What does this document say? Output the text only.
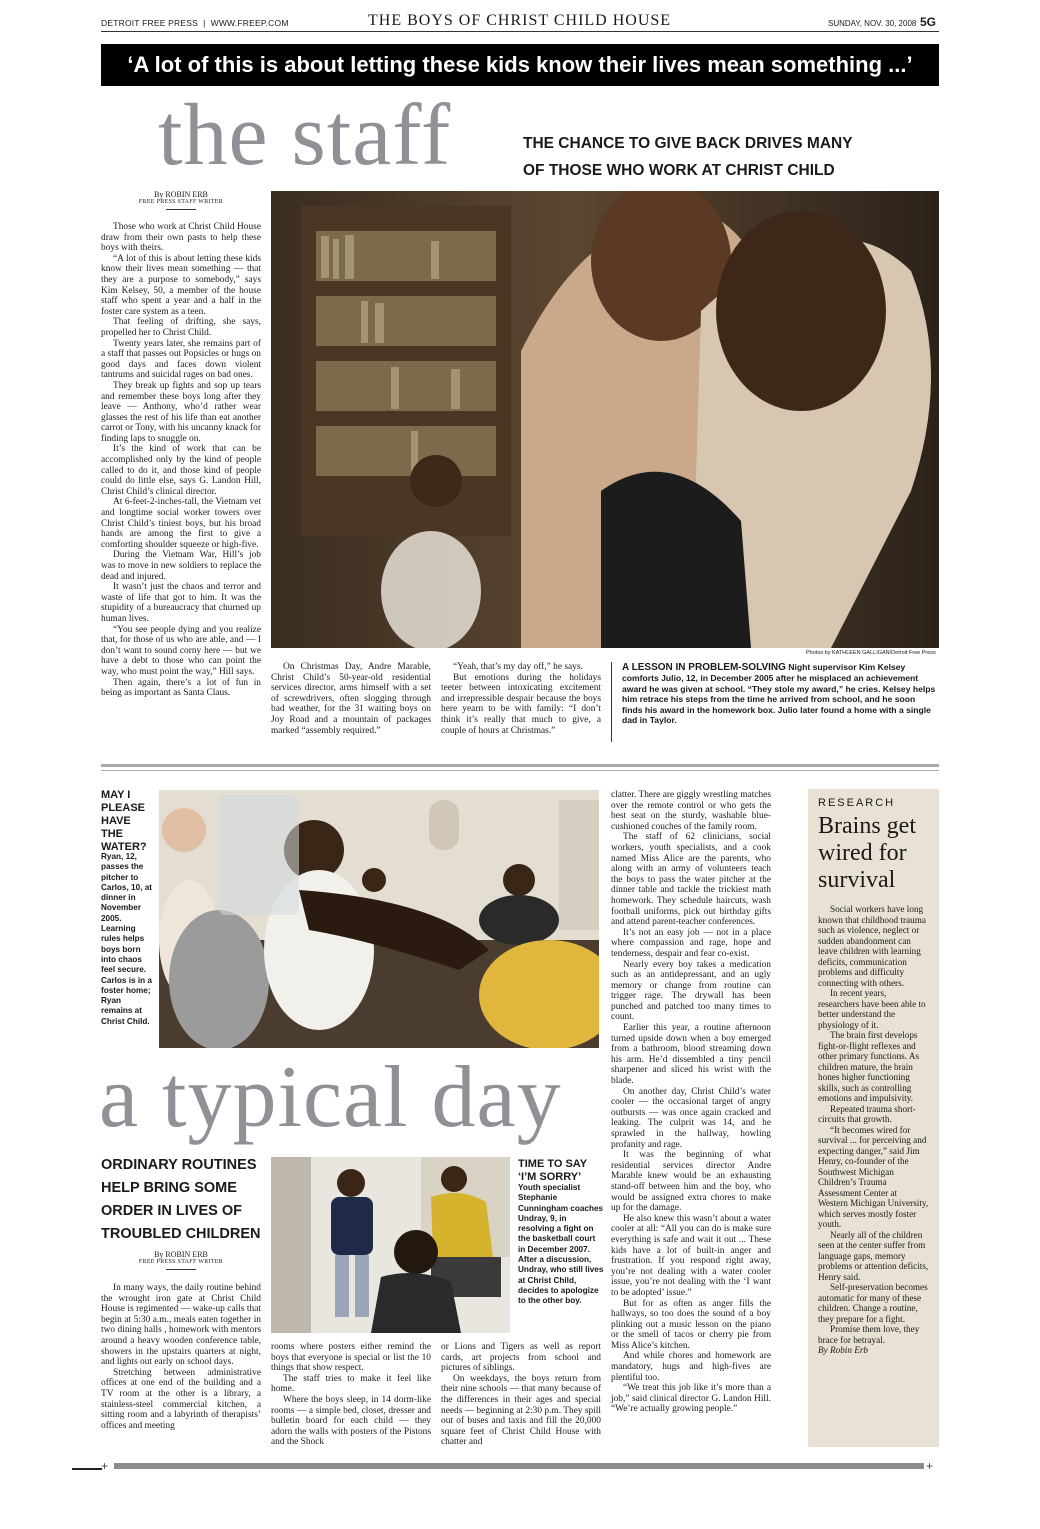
DETROIT FREE PRESS  |  WWW.FREEP.COM	THE BOYS OF CHRIST CHILD HOUSE	SUNDAY, NOV. 30, 2008 5G
‘A lot of this is about letting these kids know their lives mean something ...’
the staff	THE CHANCE TO GIVE BACK DRIVES MANY
OF THOSE WHO WORK AT CHRIST CHILD
By ROBIN ERB
FREE PRESS STAFF WRITER

Those who work at Christ Child House draw from their own pasts to help these boys with theirs.

“A lot of this is about letting these kids know their lives mean something — that they are a purpose to somebody,” says Kim Kelsey, 50, a member of the house staff who spent a year and a half in the foster care system as a teen.

That feeling of drifting, she says, propelled her to Christ Child.

Twenty years later, she remains part of a staff that passes out Popsicles or hugs on good days and faces down violent tantrums and suicidal rages on bad ones.

They break up fights and sop up tears and remember these boys long after they leave — Anthony, who’d rather wear glasses the rest of his life than eat another carrot or Tony, with his uncanny knack for finding laps to snuggle on.

It’s the kind of work that can be accomplished only by the kind of people called to do it, and those kind of people could do little else, says G. Landon Hill, Christ Child’s clinical director.

At 6-feet-2-inches-tall, the Vietnam vet and longtime social worker towers over Christ Child’s tiniest boys, but his broad hands are among the first to give a comforting shoulder squeeze or high-five.

During the Vietnam War, Hill’s job was to move in new soldiers to replace the dead and injured.

It wasn’t just the chaos and terror and waste of life that got to him. It was the stupidity of a bureaucracy that churned up human lives.

“You see people dying and you realize that, for those of us who are able, and — I don’t want to sound corny here — but we have a debt to those who can point the way, who must point the way,” Hill says.

Then again, there’s a lot of fun in being as important as Santa Claus.

Photos by KATHLEEN GALLIGAN/Detroit Free Press

On Christmas Day, Andre Marable, Christ Child’s 50-year-old residential services director, arms himself with a set of screwdrivers, often slogging through bad weather, for the 31 waiting boys on Joy Road and a mountain of packages marked “assembly required.”

“Yeah, that’s my day off,” he says.

But emotions during the holidays teeter between intoxicating excitement and irrepressible despair because the boys here yearn to be with family: “I don’t think it’s really that much to give, a couple of hours at Christmas.”

A LESSON IN PROBLEM-SOLVING Night supervisor Kim Kelsey comforts Julio, 12, in December 2005 after he misplaced an achievement award he was given at school. “They stole my award,” he cries. Kelsey helps him retrace his steps from the time he arrived from school, and he soon finds his award in the homework box. Julio later found a home with a single dad in Taylor.
MAY I PLEASE HAVE THE WATER?
Ryan, 12, passes the pitcher to Carlos, 10, at dinner in November 2005. Learning rules helps boys born into chaos feel secure. Carlos is in a foster home; Ryan remains at Christ Child.
a typical day
ORDINARY ROUTINES HELP BRING SOME ORDER IN LIVES OF TROUBLED CHILDREN
By ROBIN ERB
FREE PRESS STAFF WRITER
TIME TO SAY ‘I’M SORRY’
Youth specialist Stephanie Cunningham coaches Undray, 9, in resolving a fight on the basketball court in December 2007. After a discussion, Undray, who still lives at Christ Child, decides to apologize to the other boy.

In many ways, the daily routine behind the wrought iron gate at Christ Child House is regimented — wake-up calls that begin at 5:30 a.m., meals eaten together in two dining halls , homework with mentors around a heavy wooden conference table, showers in the upstairs quarters at night, and lights out early on school days.

Stretching between administrative offices at one end of the building and a TV room at the other is a library, a stainless-steel commercial kitchen, a sitting room and a labyrinth of therapists’ offices and meeting

rooms where posters either remind the boys that everyone is special or list the 10 things that show respect.

The staff tries to make it feel like home.

Where the boys sleep, in 14 dorm-like rooms — a simple bed, closet, dresser and bulletin board for each child — they adorn the walls with posters of the Pistons and the Shock

or Lions and Tigers as well as report cards, art projects from school and pictures of siblings.

On weekdays, the boys return from their nine schools — that many because of the differences in their ages and special needs — beginning at 2:30 p.m. They spill out of buses and taxis and fill the 20,000 square feet of Christ Child House with chatter and

clatter. There are giggly wrestling matches over the remote control or who gets the best seat on the sturdy, washable blue-cushioned couches of the family room.

The staff of 62 clinicians, social workers, youth specialists, and a cook named Miss Alice are the parents, who along with an army of volunteers teach the boys to pass the water pitcher at the dinner table and tackle the trickiest math homework. They schedule haircuts, wash football uniforms, pick out birthday gifts and attend parent-teacher conferences.

It’s not an easy job — not in a place where compassion and rage, hope and tenderness, despair and fear co-exist.

Nearly every boy takes a medication such as an antidepressant, and an ugly memory or change from routine can trigger rage. The drywall has been punched and patched too many times to count.

Earlier this year, a routine afternoon turned upside down when a boy emerged from a bathroom, blood streaming down his arm. He’d dissembled a tiny pencil sharpener and sliced his wrist with the blade.

On another day, Christ Child’s water cooler — the occasional target of angry outbursts — was once again cracked and leaking. The culprit was 14, and he sprawled in the hallway, howling profanity and rage.

It was the beginning of what residential services director Andre Marable knew would be an exhausting stand-off between him and the boy, who would be assigned extra chores to make up for the damage.

He also knew this wasn’t about a water cooler at all: “All you can do is make sure everything is safe and wait it out ... These kids have a lot of built-in anger and frustration. If you respond right away, you’re not dealing with a water cooler issue, you’re not dealing with the ‘I want to be adopted’ issue.”

But for as often as anger fills the hallways, so too does the sound of a boy plinking out a music lesson on the piano or the smell of tacos or cherry pie from Miss Alice’s kitchen.

And while chores and homework are mandatory, hugs and high-fives are plentiful too.

“We treat this job like it’s more than a job,” said clinical director G. Landon Hill. “We’re actually growing people.”

RESEARCH
Brains get wired for survival

Social workers have long known that childhood trauma such as violence, neglect or sudden abandonment can leave children with learning deficits, communication problems and difficulty connecting with others.

In recent years, researchers have been able to better understand the physiology of it.

The brain first develops fight-or-flight reflexes and other primary functions. As children mature, the brain hones higher functioning skills, such as controlling emotions and impulsivity.

Repeated trauma short-circuits that growth.

“It becomes wired for survival ... for perceiving and expecting danger,” said Jim Henry, co-founder of the Southwest Michigan Children’s Trauma Assessment Center at Western Michigan University, which serves mostly foster youth.

Nearly all of the children seen at the center suffer from language gaps, memory problems or attention deficits, Henry said.

Self-preservation becomes automatic for many of these children. Change a routine, they prepare for a fight.

Promise them love, they brace for betrayal.

By Robin Erb

+	+
